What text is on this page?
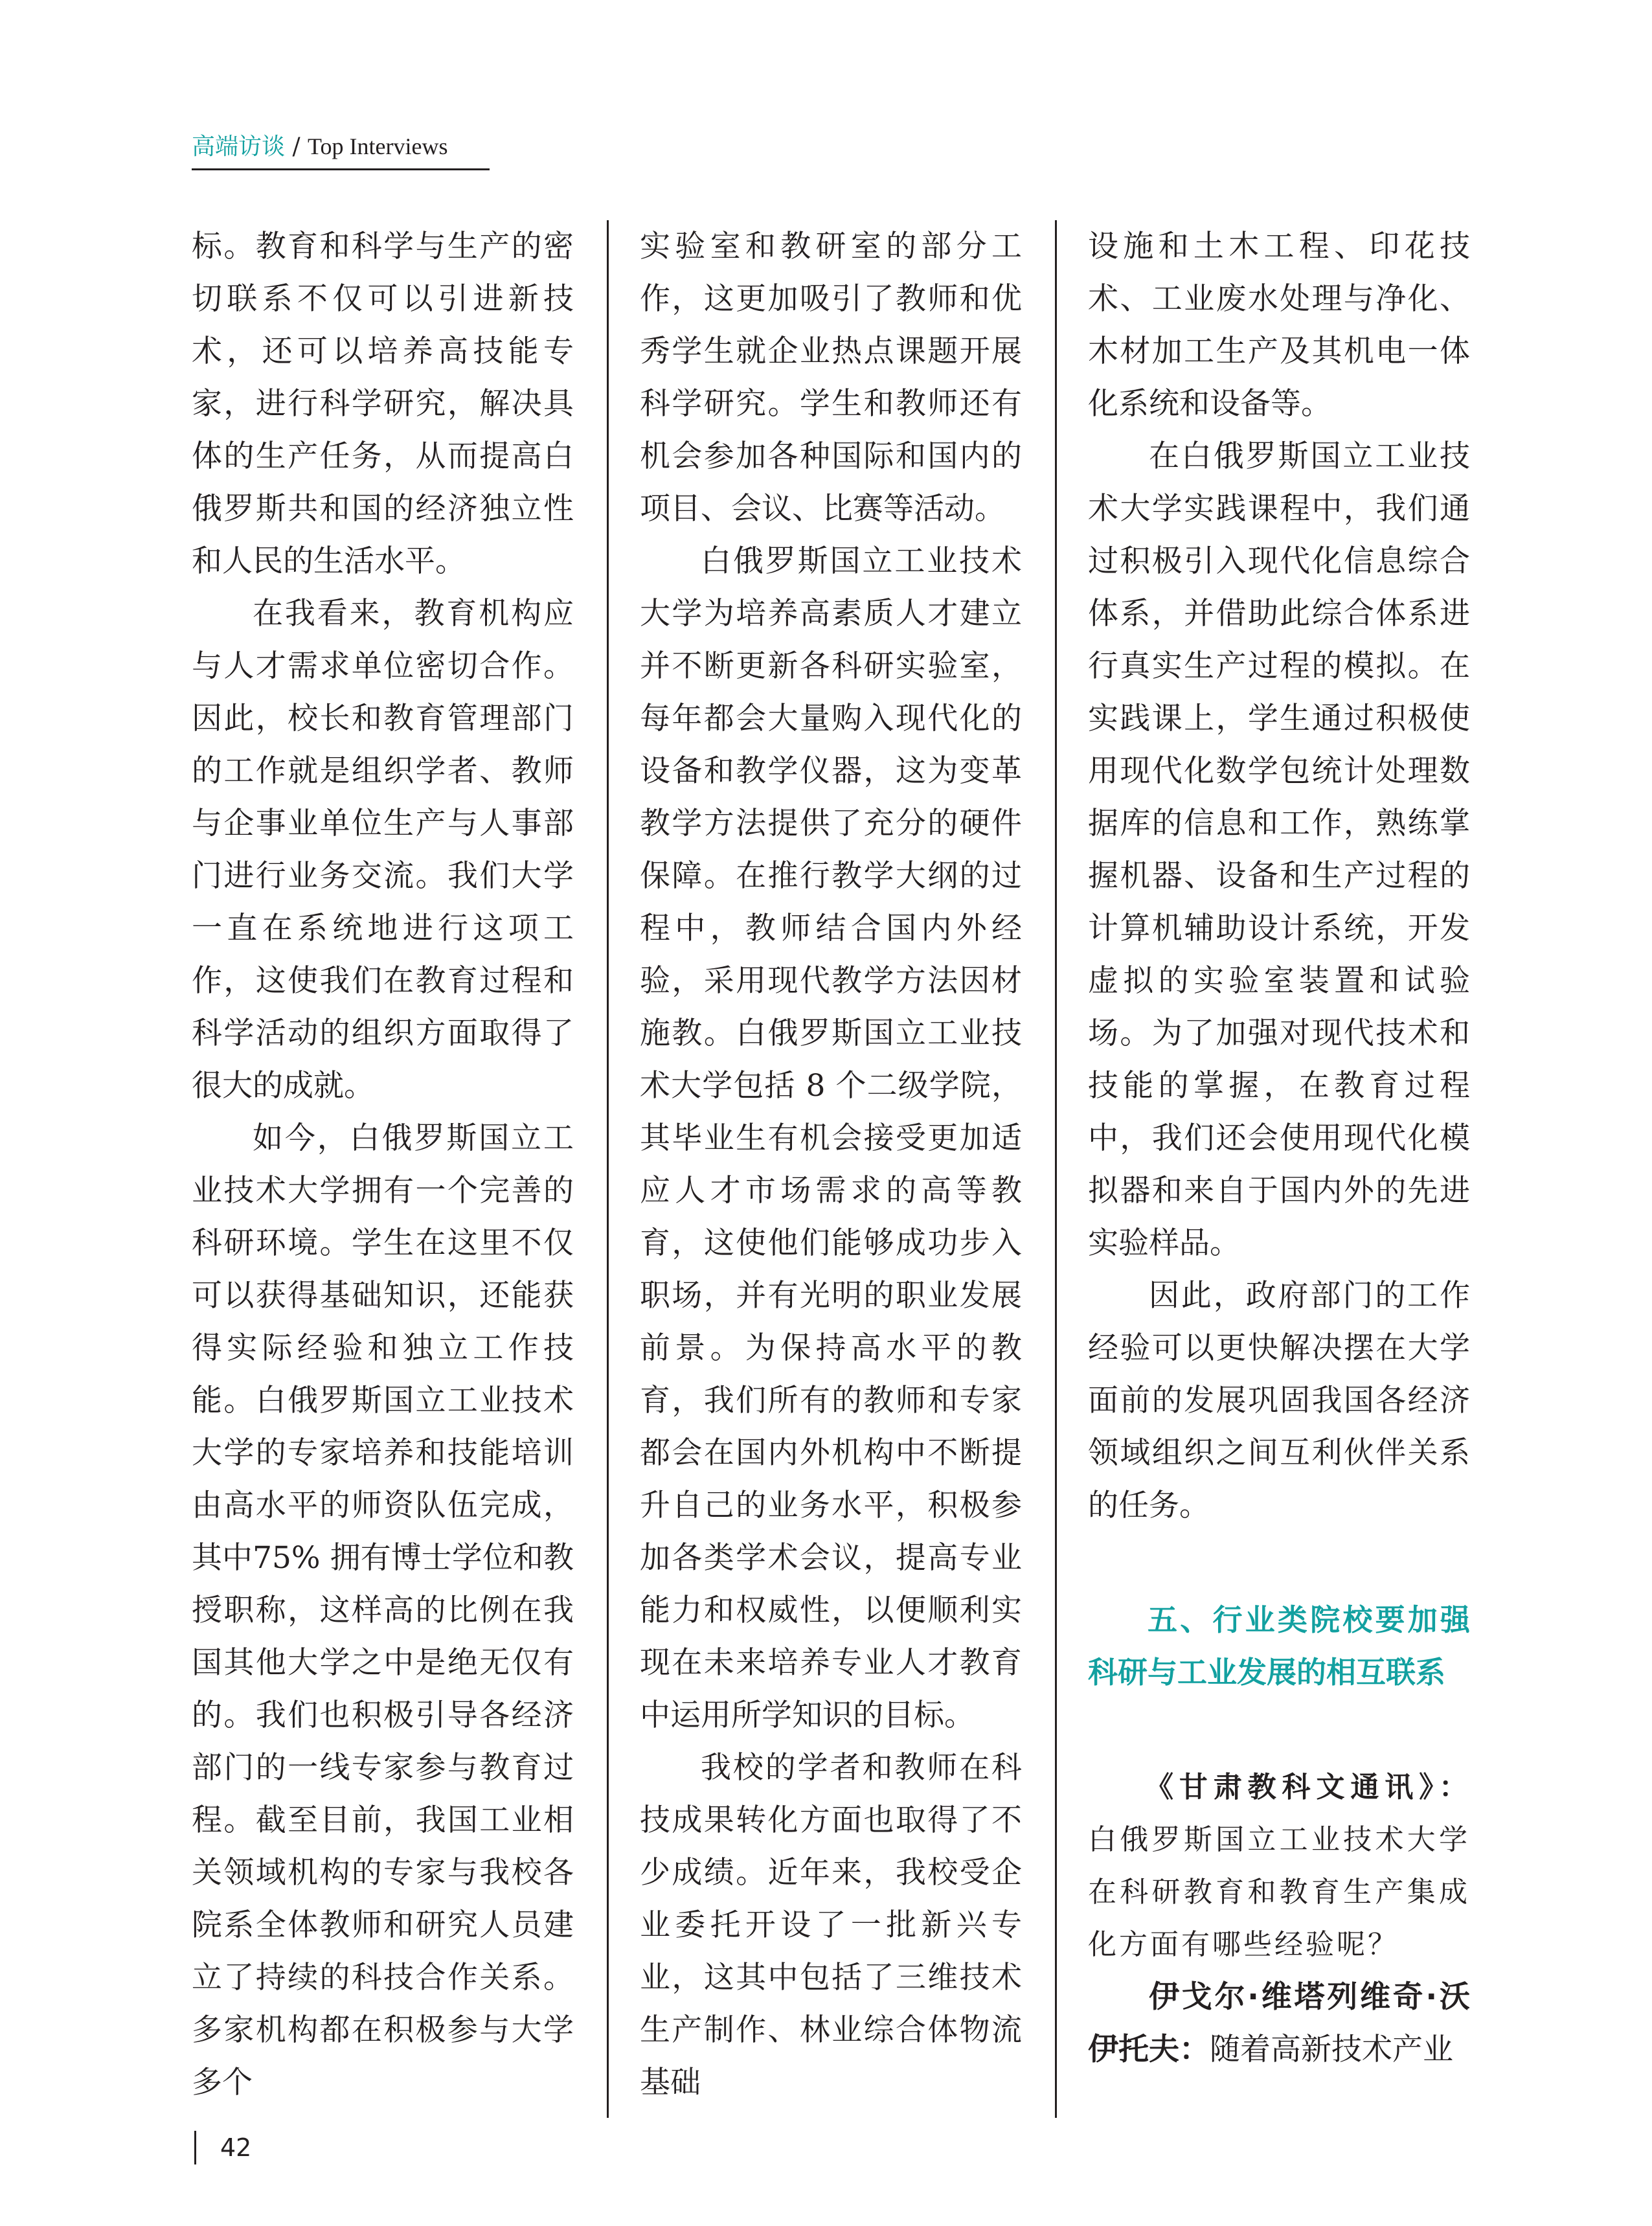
高端访谈 / Top Interviews

标。教育和科学与生产的密切联系不仅可以引进新技术，还可以培养高技能专家，进行科学研究，解决具体的生产任务，从而提高白俄罗斯共和国的经济独立性和人民的生活水平。

在我看来，教育机构应与人才需求单位密切合作。因此，校长和教育管理部门的工作就是组织学者、教师与企事业单位生产与人事部门进行业务交流。我们大学一直在系统地进行这项工作，这使我们在教育过程和科学活动的组织方面取得了很大的成就。

如今，白俄罗斯国立工业技术大学拥有一个完善的科研环境。学生在这里不仅可以获得基础知识，还能获得实际经验和独立工作技能。白俄罗斯国立工业技术大学的专家培养和技能培训由高水平的师资队伍完成，其中75% 拥有博士学位和教授职称，这样高的比例在我国其他大学之中是绝无仅有的。我们也积极引导各经济部门的一线专家参与教育过程。截至目前，我国工业相关领域机构的专家与我校各院系全体教师和研究人员建立了持续的科技合作关系。多家机构都在积极参与大学多个

实验室和教研室的部分工作，这更加吸引了教师和优秀学生就企业热点课题开展科学研究。学生和教师还有机会参加各种国际和国内的项目、会议、比赛等活动。

白俄罗斯国立工业技术大学为培养高素质人才建立并不断更新各科研实验室，每年都会大量购入现代化的设备和教学仪器，这为变革教学方法提供了充分的硬件保障。在推行教学大纲的过程中，教师结合国内外经验，采用现代教学方法因材施教。白俄罗斯国立工业技术大学包括 8 个二级学院，其毕业生有机会接受更加适应人才市场需求的高等教育，这使他们能够成功步入职场，并有光明的职业发展前景。为保持高水平的教育，我们所有的教师和专家都会在国内外机构中不断提升自己的业务水平，积极参加各类学术会议，提高专业能力和权威性，以便顺利实现在未来培养专业人才教育中运用所学知识的目标。

我校的学者和教师在科技成果转化方面也取得了不少成绩。近年来，我校受企业委托开设了一批新兴专业，这其中包括了三维技术生产制作、林业综合体物流基础

设施和土木工程、印花技术、工业废水处理与净化、木材加工生产及其机电一体化系统和设备等。

在白俄罗斯国立工业技术大学实践课程中，我们通过积极引入现代化信息综合体系，并借助此综合体系进行真实生产过程的模拟。在实践课上，学生通过积极使用现代化数学包统计处理数据库的信息和工作，熟练掌握机器、设备和生产过程的计算机辅助设计系统，开发虚拟的实验室装置和试验场。为了加强对现代技术和技能的掌握，在教育过程中，我们还会使用现代化模拟器和来自于国内外的先进实验样品。

因此，政府部门的工作经验可以更快解决摆在大学面前的发展巩固我国各经济领域组织之间互利伙伴关系的任务。

五、行业类院校要加强科研与工业发展的相互联系

《甘肃教科文通讯》：白俄罗斯国立工业技术大学在科研教育和教育生产集成化方面有哪些经验呢？

伊戈尔·维塔列维奇·沃伊托夫：随着高新技术产业

42
